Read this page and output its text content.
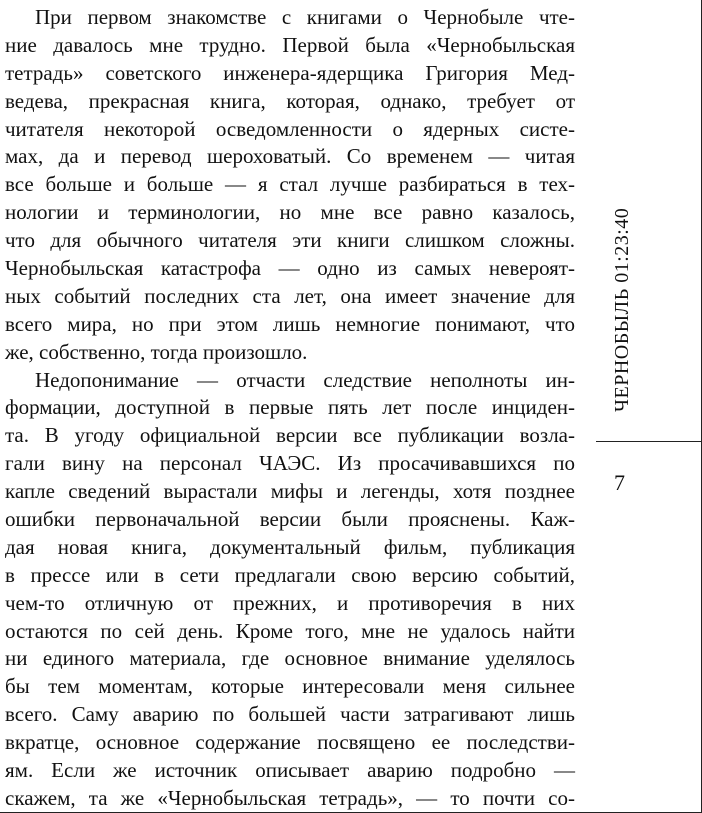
При первом знакомстве с книгами о Чернобыле чте-
ние давалось мне трудно. Первой была «Чернобыльская
тетрадь» советского инженера-ядерщика Григория Мед-
ведева, прекрасная книга, которая, однако, требует от
читателя некоторой осведомленности о ядерных систе-
мах, да и перевод шероховатый. Со временем — читая
все больше и больше — я стал лучше разбираться в тех-
нологии и терминологии, но мне все равно казалось,
что для обычного читателя эти книги слишком сложны.
Чернобыльская катастрофа — одно из самых невероят-
ных событий последних ста лет, она имеет значение для
всего мира, но при этом лишь немногие понимают, что
же, собственно, тогда произошло.
Недопонимание — отчасти следствие неполноты ин-
формации, доступной в первые пять лет после инциден-
та. В угоду официальной версии все публикации возла-
гали вину на персонал ЧАЭС. Из просачивавшихся по
капле сведений вырастали мифы и легенды, хотя позднее
ошибки первоначальной версии были прояснены. Каж-
дая новая книга, документальный фильм, публикация
в прессе или в сети предлагали свою версию событий,
чем-то отличную от прежних, и противоречия в них
остаются по сей день. Кроме того, мне не удалось найти
ни единого материала, где основное внимание уделялось
бы тем моментам, которые интересовали меня сильнее
всего. Саму аварию по большей части затрагивают лишь
вкратце, основное содержание посвящено ее последстви-
ям. Если же источник описывает аварию подробно —
скажем, та же «Чернобыльская тетрадь», — то почти со-
ЧЕРНОБЫЛЬ 01:23:40
7
